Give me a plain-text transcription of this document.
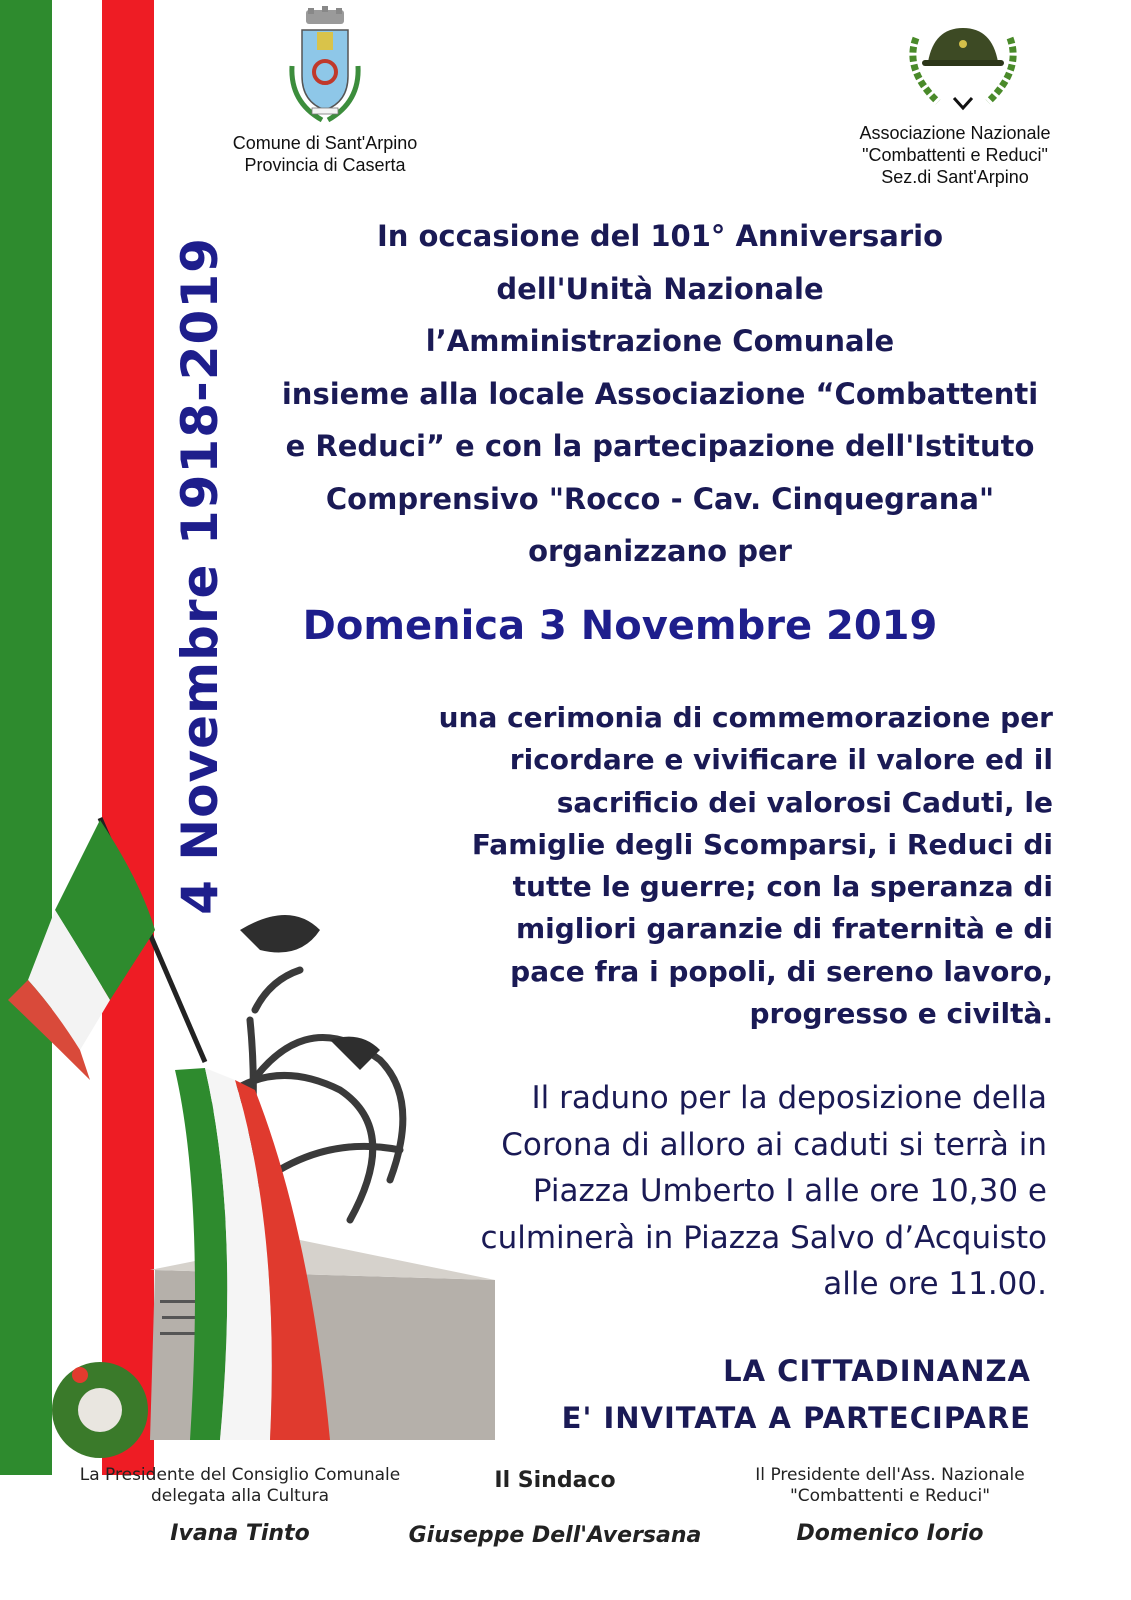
4 Novembre 1918-2019
Comune di Sant'Arpino
Provincia di Caserta
Associazione Nazionale
"Combattenti e Reduci"
Sez.di Sant'Arpino
In occasione del 101° Anniversario
dell'Unità Nazionale
l’Amministrazione Comunale
insieme alla locale Associazione “Combattenti
e Reduci” e con la partecipazione dell'Istituto
Comprensivo "Rocco - Cav. Cinquegrana"
organizzano per
Domenica 3 Novembre 2019
una cerimonia di commemorazione per
ricordare e vivificare il valore ed il
sacrificio dei valorosi Caduti, le
Famiglie degli Scomparsi, i Reduci di
tutte le guerre; con la speranza di
migliori garanzie di fraternità e di
pace fra i popoli, di sereno lavoro,
progresso e civiltà.
Il raduno per la deposizione della
Corona di alloro ai caduti si terrà in
Piazza Umberto I alle ore 10,30 e
culminerà in Piazza Salvo d’Acquisto
alle ore 11.00.
LA CITTADINANZA
E' INVITATA A PARTECIPARE
La Presidente del Consiglio Comunale
delegata alla Cultura
Ivana Tinto
Il Sindaco
Giuseppe Dell'Aversana
Il Presidente dell'Ass. Nazionale
"Combattenti e Reduci"
Domenico Iorio
